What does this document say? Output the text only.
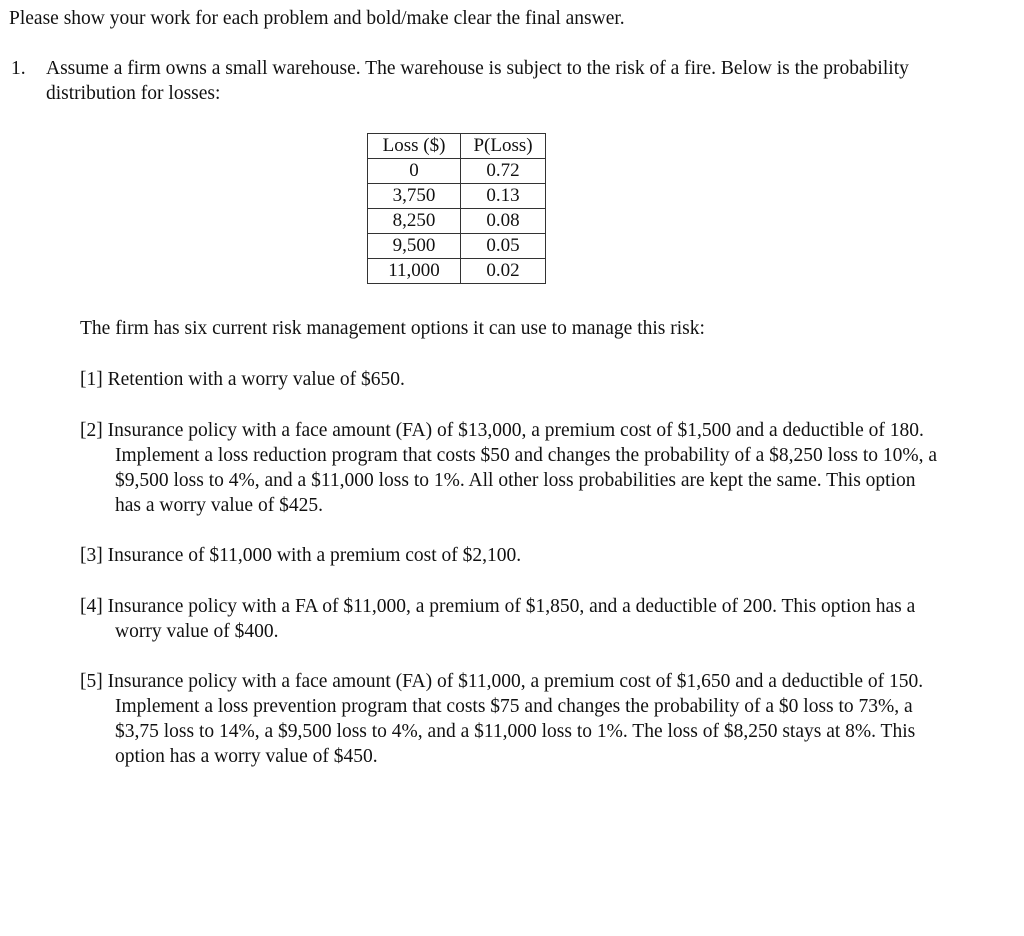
Please show your work for each problem and bold/make clear the final answer.

1. Assume a firm owns a small warehouse. The warehouse is subject to the risk of a fire. Below is the probability distribution for losses:
Loss ($)	P(Loss)
0	0.72
3,750	0.13
8,250	0.08
9,500	0.05
11,000	0.02
The firm has six current risk management options it can use to manage this risk:
[1] Retention with a worry value of $650.
[2] Insurance policy with a face amount (FA) of $13,000, a premium cost of $1,500 and a deductible of 180. Implement a loss reduction program that costs $50 and changes the probability of a $8,250 loss to 10%, a $9,500 loss to 4%, and a $11,000 loss to 1%. All other loss probabilities are kept the same. This option has a worry value of $425.
[3] Insurance of $11,000 with a premium cost of $2,100.
[4] Insurance policy with a FA of $11,000, a premium of $1,850, and a deductible of 200. This option has a worry value of $400.
[5] Insurance policy with a face amount (FA) of $11,000, a premium cost of $1,650 and a deductible of 150. Implement a loss prevention program that costs $75 and changes the probability of a $0 loss to 73%, a $3,75 loss to 14%, a $9,500 loss to 4%, and a $11,000 loss to 1%. The loss of $8,250 stays at 8%. This option has a worry value of $450.
